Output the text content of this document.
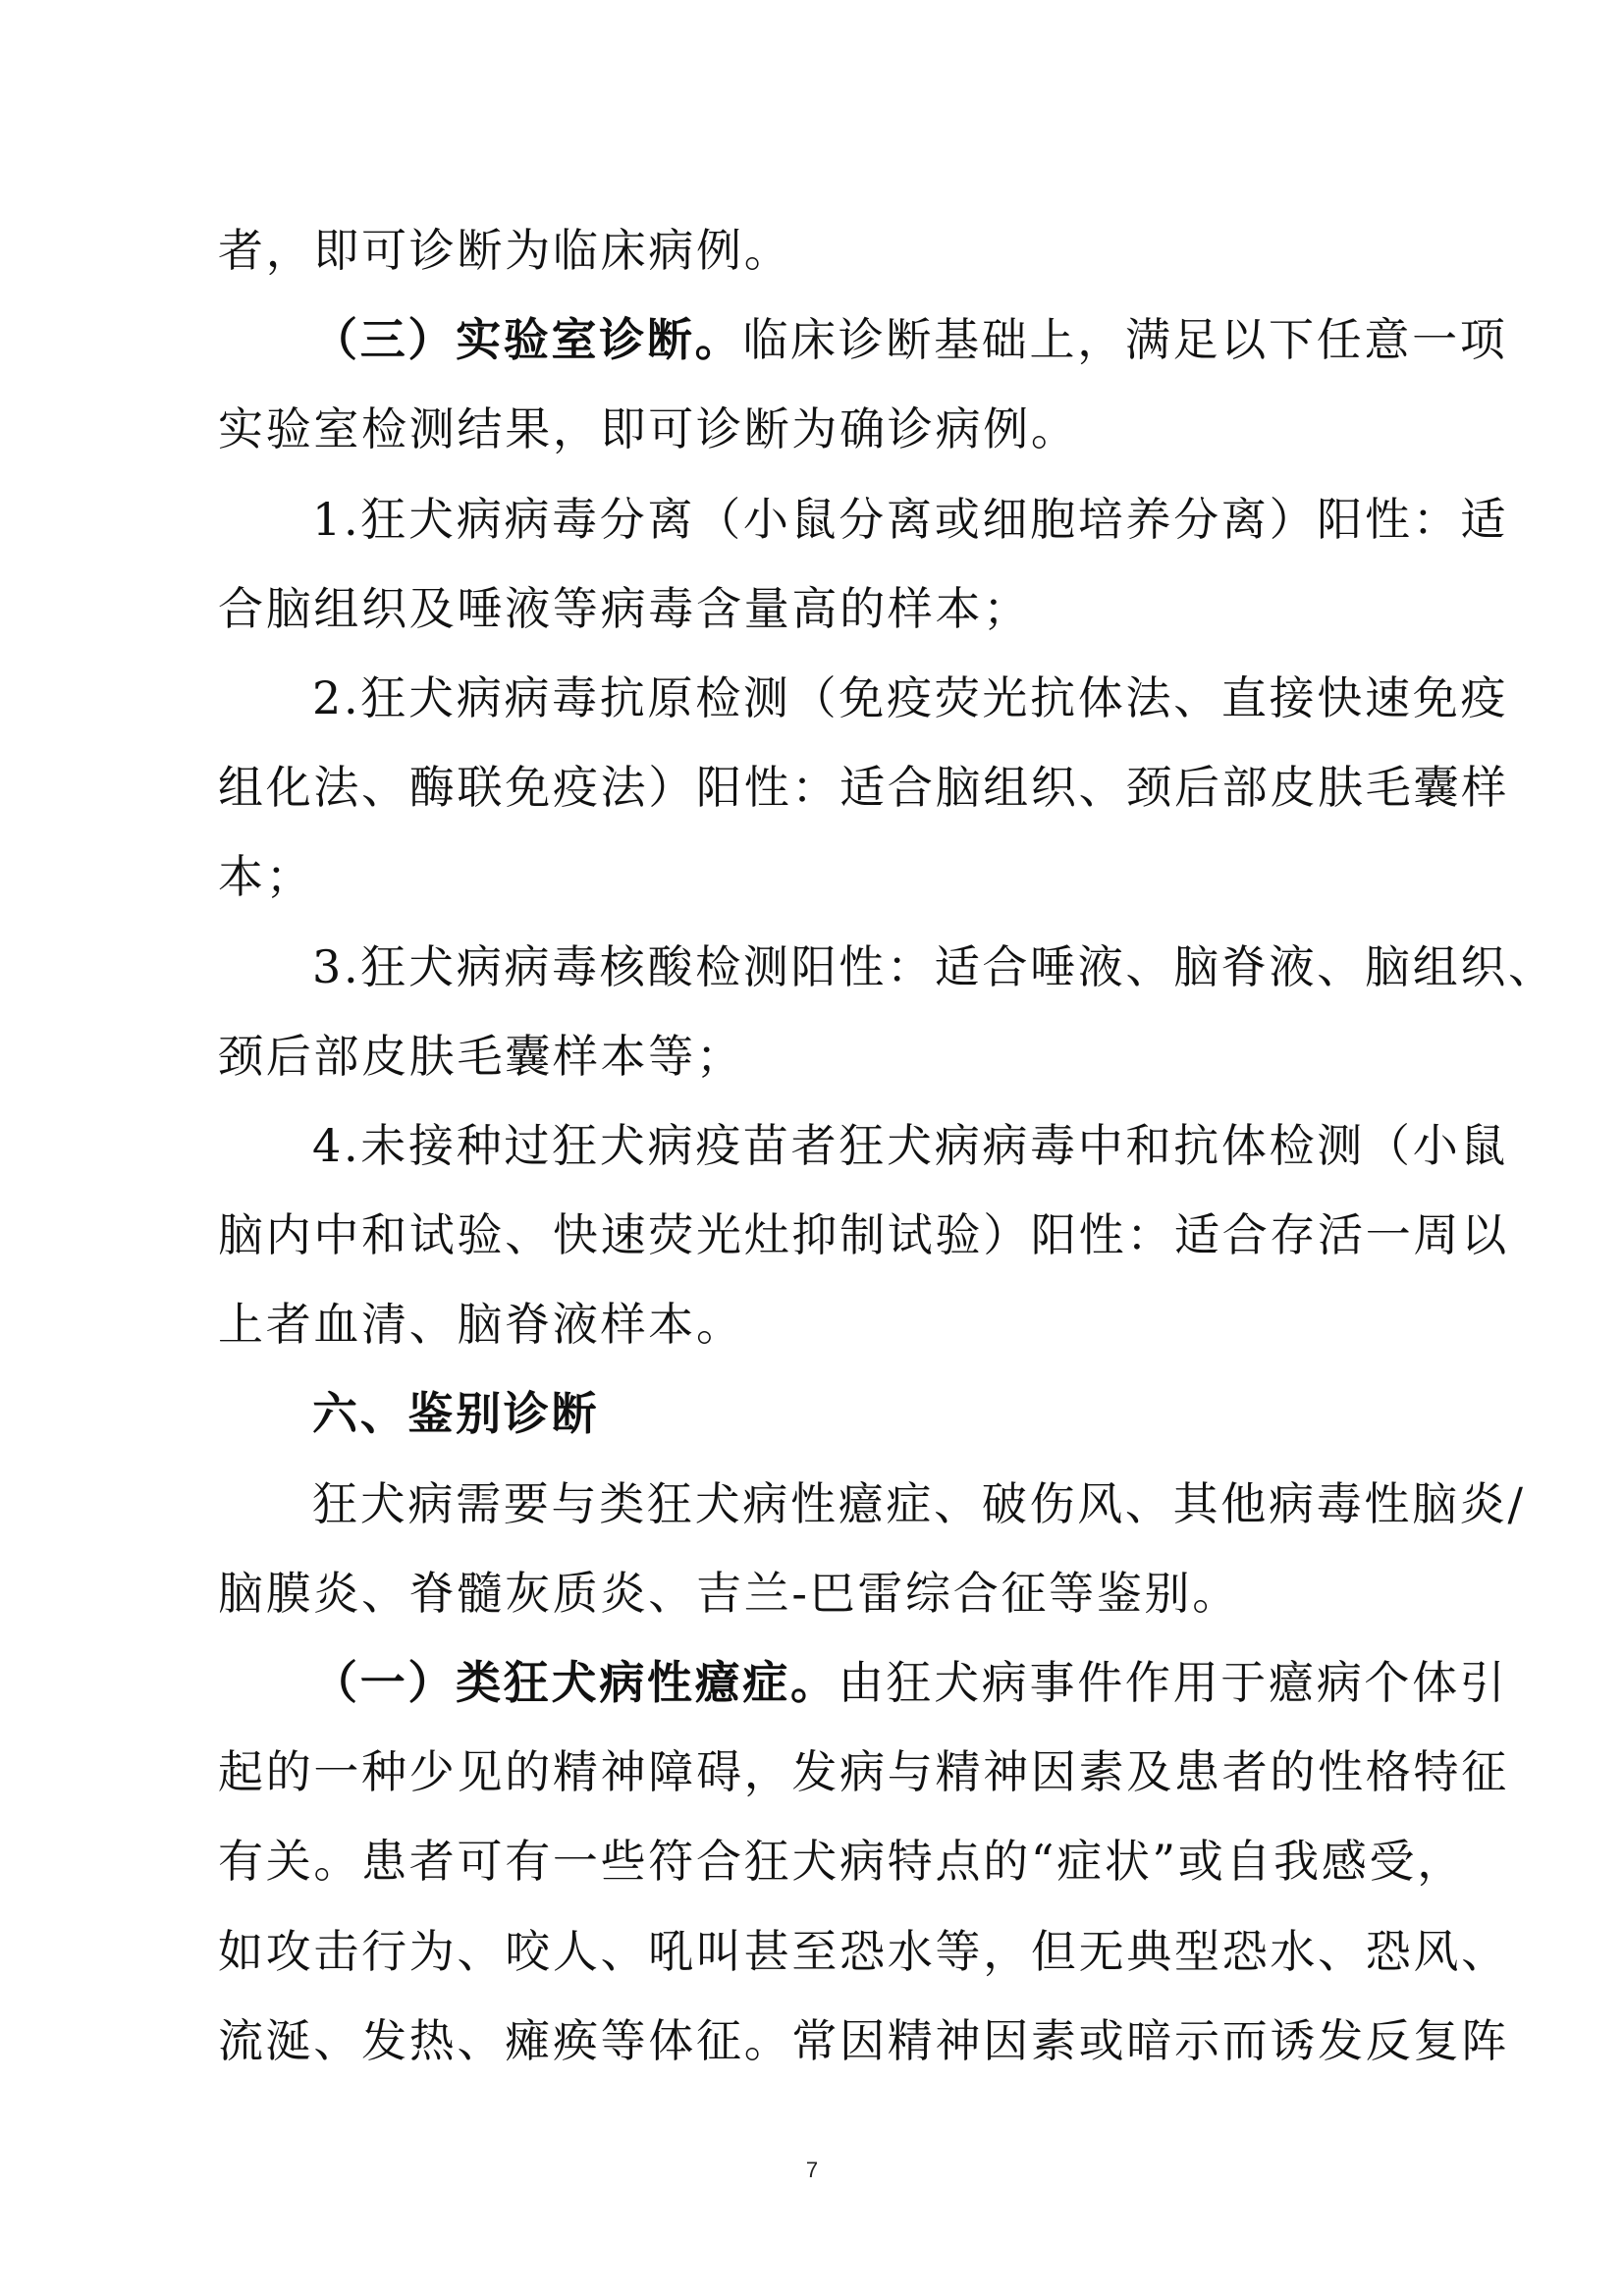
者，即可诊断为临床病例。
（三）实验室诊断。临床诊断基础上，满足以下任意一项
实验室检测结果，即可诊断为确诊病例。
1.狂犬病病毒分离（小鼠分离或细胞培养分离）阳性：适
合脑组织及唾液等病毒含量高的样本；
2.狂犬病病毒抗原检测（免疫荧光抗体法、直接快速免疫
组化法、酶联免疫法）阳性：适合脑组织、颈后部皮肤毛囊样
本；
3.狂犬病病毒核酸检测阳性：适合唾液、脑脊液、脑组织、
颈后部皮肤毛囊样本等；
4.未接种过狂犬病疫苗者狂犬病病毒中和抗体检测（小鼠
脑内中和试验、快速荧光灶抑制试验）阳性：适合存活一周以
上者血清、脑脊液样本。
六、鉴别诊断
狂犬病需要与类狂犬病性癔症、破伤风、其他病毒性脑炎/
脑膜炎、脊髓灰质炎、吉兰-巴雷综合征等鉴别。
（一）类狂犬病性癔症。由狂犬病事件作用于癔病个体引
起的一种少见的精神障碍，发病与精神因素及患者的性格特征
有关。患者可有一些符合狂犬病特点的“症状”或自我感受，
如攻击行为、咬人、吼叫甚至恐水等，但无典型恐水、恐风、
流涎、发热、瘫痪等体征。常因精神因素或暗示而诱发反复阵
7
